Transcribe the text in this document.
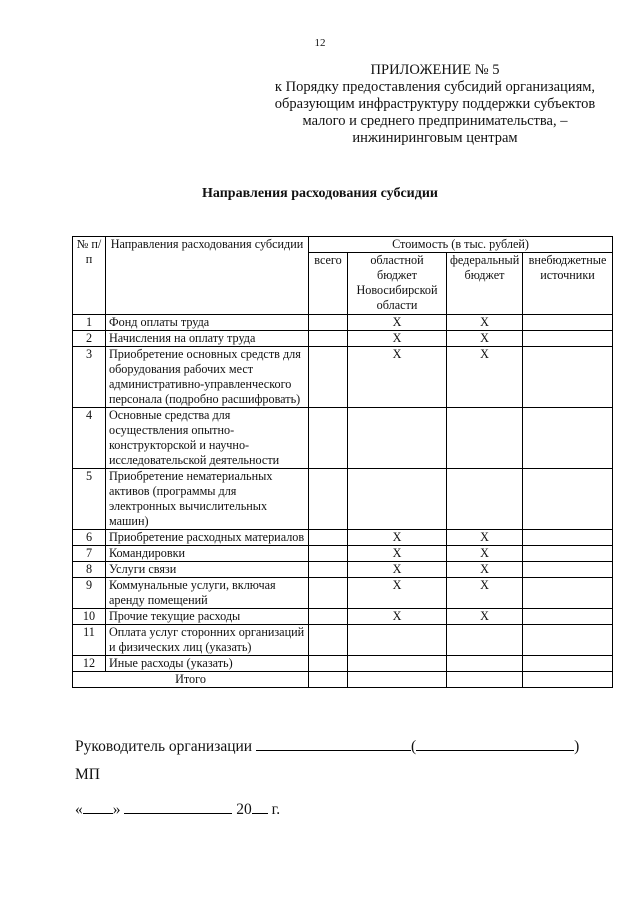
12
ПРИЛОЖЕНИЕ № 5
к Порядку предоставления субсидий организациям, образующим инфраструктуру поддержки субъектов малого и среднего предпринимательства, – инжиниринговым центрам
Направления расходования субсидии
№ п/п	Направления расходования субсидии	Стоимость (в тыс. рублей)			
		всего	областной бюджет Новосибирской области	федеральный бюджет	внебюджетные источники
1	Фонд оплаты труда		Х	Х	
2	Начисления на оплату труда		Х	Х	
3	Приобретение основных средств для оборудования рабочих мест административно-управленческого персонала (подробно расшифровать)		Х	Х	
4	Основные средства для осуществления опытно-конструкторской и научно-исследовательской деятельности				
5	Приобретение нематериальных активов (программы для электронных вычислительных машин)				
6	Приобретение расходных материалов		Х	Х	
7	Командировки		Х	Х	
8	Услуги связи		Х	Х	
9	Коммунальные услуги, включая аренду помещений		Х	Х	
10	Прочие текущие расходы		Х	Х	
11	Оплата услуг сторонних организаций и физических лиц (указать)				
12	Иные расходы (указать)				
Итого					
Руководитель организации	(	)
МП
« »	20 г.
